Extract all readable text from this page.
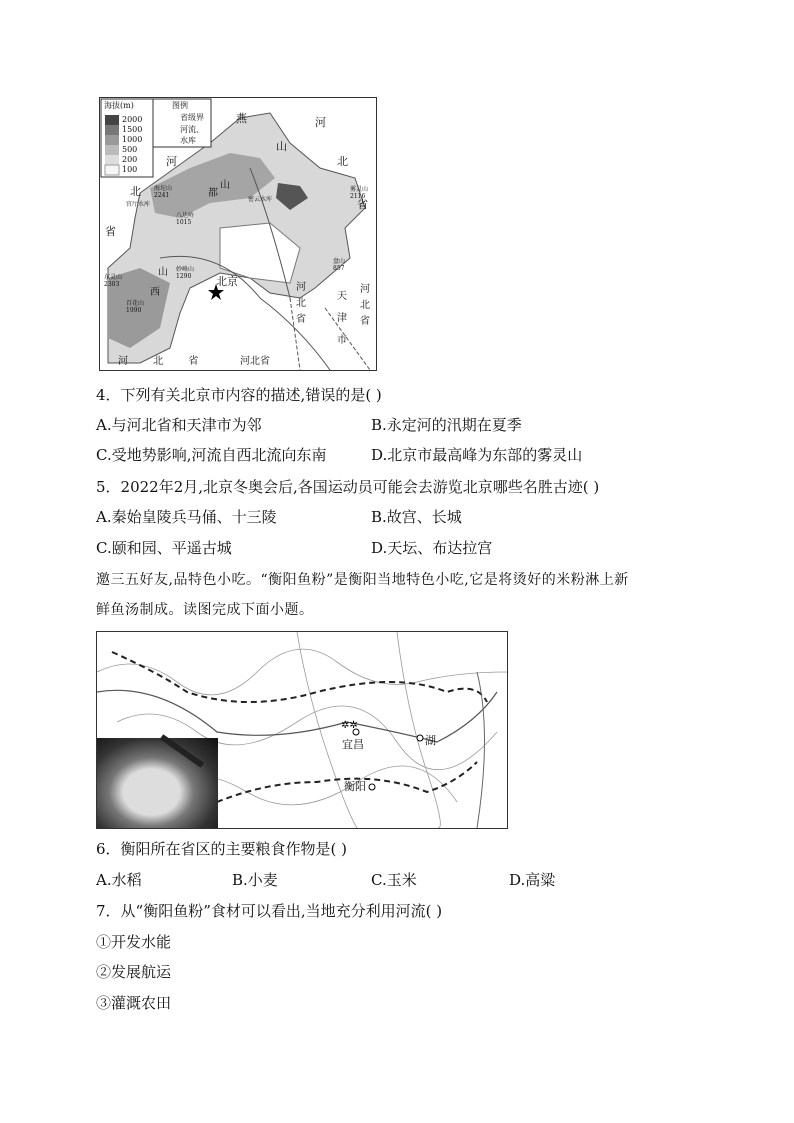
海拔(m)
2000
1500
1000
500
200
100
图例
省级界
河流、水库
燕
山
都
山
北京
西
山
河
北
省
河
北
省
河北省
天津市
河北省
河 北 省	河北省
海坨山 2241
雾灵山 2116
东灵山 2303
百花山 1990
妙峰山 1290
八达岭 1015
盘山 857
密云水库
官厅水库
4．下列有关北京市内容的描述,错误的是( )
A.与河北省和天津市为邻	B.永定河的汛期在夏季
C.受地势影响,河流自西北流向东南	D.北京市最高峰为东部的雾灵山
5．2022年2月,北京冬奥会后,各国运动员可能会去游览北京哪些名胜古迹( )
A.秦始皇陵兵马俑、十三陵	B.故宫、长城
C.颐和园、平遥古城	D.天坛、布达拉宫
邀三五好友,品特色小吃。“衡阳鱼粉”是衡阳当地特色小吃,它是将烫好的米粉淋上新
鲜鱼汤制成。读图完成下面小题。
✲✲
宜昌	湖
衡阳
6．衡阳所在省区的主要粮食作物是( )
A.水稻	B.小麦	C.玉米	D.高粱
7．从“衡阳鱼粉”食材可以看出,当地充分利用河流( )
①开发水能
②发展航运
③灌溉农田
